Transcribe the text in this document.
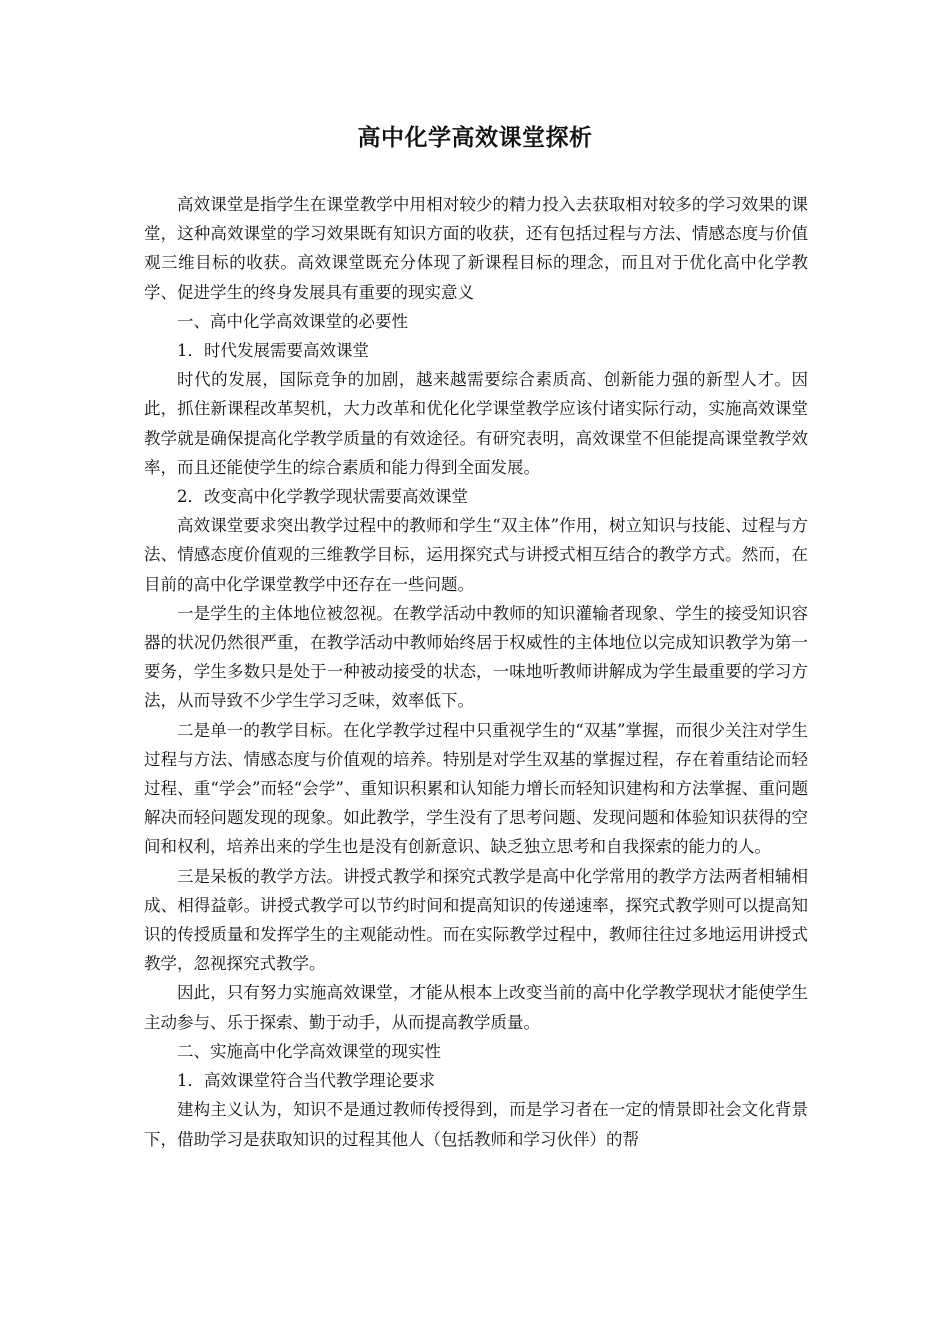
高中化学高效课堂探析

高效课堂是指学生在课堂教学中用相对较少的精力投入去获取相对较多的学习效果的课堂，这种高效课堂的学习效果既有知识方面的收获，还有包括过程与方法、情感态度与价值观三维目标的收获。高效课堂既充分体现了新课程目标的理念，而且对于优化高中化学教学、促进学生的终身发展具有重要的现实意义

一、高中化学高效课堂的必要性

1．时代发展需要高效课堂

时代的发展，国际竞争的加剧，越来越需要综合素质高、创新能力强的新型人才。因此，抓住新课程改革契机，大力改革和优化化学课堂教学应该付诸实际行动，实施高效课堂教学就是确保提高化学教学质量的有效途径。有研究表明，高效课堂不但能提高课堂教学效率，而且还能使学生的综合素质和能力得到全面发展。

2．改变高中化学教学现状需要高效课堂

高效课堂要求突出教学过程中的教师和学生“双主体”作用，树立知识与技能、过程与方法、情感态度价值观的三维教学目标，运用探究式与讲授式相互结合的教学方式。然而，在目前的高中化学课堂教学中还存在一些问题。

一是学生的主体地位被忽视。在教学活动中教师的知识灌输者现象、学生的接受知识容器的状况仍然很严重，在教学活动中教师始终居于权威性的主体地位以完成知识教学为第一要务，学生多数只是处于一种被动接受的状态，一味地听教师讲解成为学生最重要的学习方法，从而导致不少学生学习乏味，效率低下。

二是单一的教学目标。在化学教学过程中只重视学生的“双基”掌握，而很少关注对学生过程与方法、情感态度与价值观的培养。特别是对学生双基的掌握过程，存在着重结论而轻过程、重“学会”而轻“会学”、重知识积累和认知能力增长而轻知识建构和方法掌握、重问题解决而轻问题发现的现象。如此教学，学生没有了思考问题、发现问题和体验知识获得的空间和权利，培养出来的学生也是没有创新意识、缺乏独立思考和自我探索的能力的人。

三是呆板的教学方法。讲授式教学和探究式教学是高中化学常用的教学方法两者相辅相成、相得益彰。讲授式教学可以节约时间和提高知识的传递速率，探究式教学则可以提高知识的传授质量和发挥学生的主观能动性。而在实际教学过程中，教师往往过多地运用讲授式教学，忽视探究式教学。

因此，只有努力实施高效课堂，才能从根本上改变当前的高中化学教学现状才能使学生主动参与、乐于探索、勤于动手，从而提高教学质量。

二、实施高中化学高效课堂的现实性

1．高效课堂符合当代教学理论要求

建构主义认为，知识不是通过教师传授得到，而是学习者在一定的情景即社会文化背景下，借助学习是获取知识的过程其他人（包括教师和学习伙伴）的帮
